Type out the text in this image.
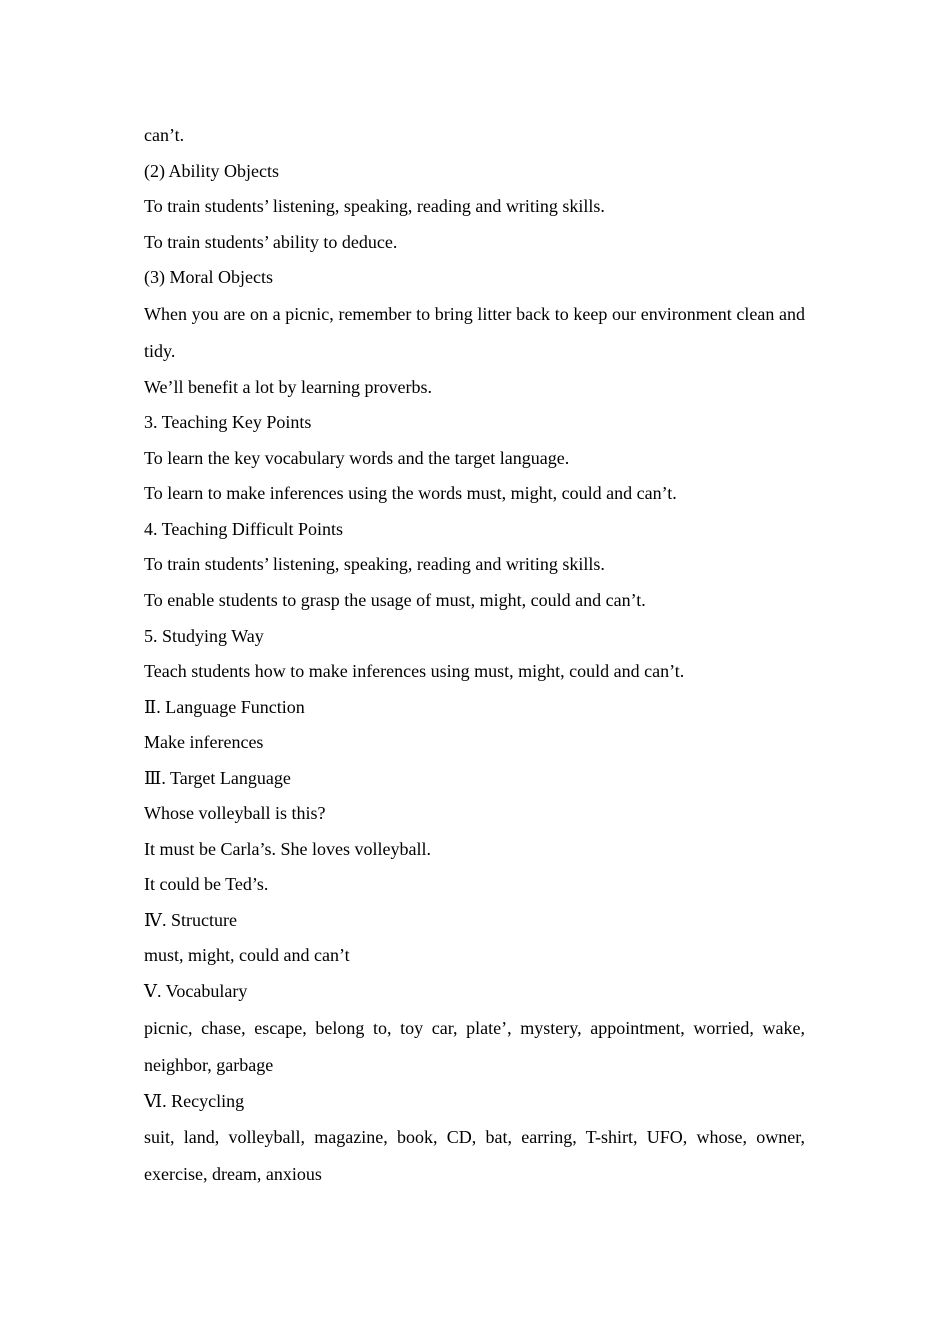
can’t.

(2) Ability Objects

To train students’ listening, speaking, reading and writing skills.

To train students’ ability to deduce.

(3) Moral Objects

When you are on a picnic, remember to bring litter back to keep our environment clean and tidy.

We’ll benefit a lot by learning proverbs.

3. Teaching Key Points

To learn the key vocabulary words and the target language.

To learn to make inferences using the words must, might, could and can’t.

4. Teaching Difficult Points

To train students’ listening, speaking, reading and writing skills.

To enable students to grasp the usage of must, might, could and can’t.

5. Studying Way

Teach students how to make inferences using must, might, could and can’t.

Ⅱ. Language Function

Make inferences

Ⅲ. Target Language

Whose volleyball is this?

It must be Carla’s. She loves volleyball.

It could be Ted’s.

Ⅳ. Structure

must, might, could and can’t

Ⅴ. Vocabulary

picnic, chase, escape, belong to, toy car, plate’, mystery, appointment, worried, wake, neighbor, garbage

Ⅵ. Recycling

suit, land, volleyball, magazine, book, CD, bat, earring, T-shirt, UFO, whose, owner, exercise, dream, anxious
